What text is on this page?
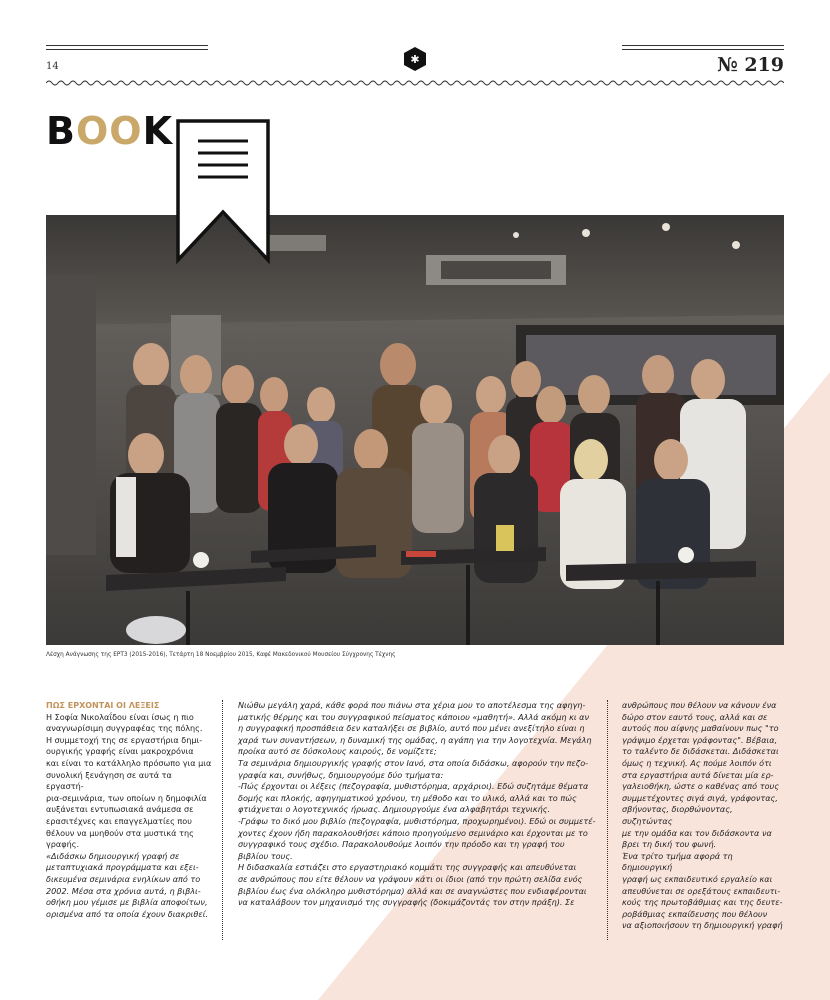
14	№ 219
✱
BOOK
Λέσχη Ανάγνωσης της ΕΡΤ3 (2015-2016), Τετάρτη 18 Νοεμβρίου 2015, Καφέ Μακεδονικού Μουσείου Σύγχρονης Τέχνης

ΠΩΣ ΕΡΧΟΝΤΑΙ ΟΙ ΛΕΞΕΙΣ

Η Σοφία Νικολαΐδου είναι ίσως η πιο

αναγνωρίσιμη συγγραφέας της πόλης.

Η συμμετοχή της σε εργαστήρια δημι-

ουργικής γραφής είναι μακροχρόνια

και είναι το κατάλληλο πρόσωπο για μια

συνολική ξενάγηση σε αυτά τα εργαστή-

ρια-σεμινάρια, των οποίων η δημοφιλία

αυξάνεται εντυπωσιακά ανάμεσα σε

ερασιτέχνες και επαγγελματίες που

θέλουν να μυηθούν στα μυστικά της

γραφής.

«Διδάσκω δημιουργική γραφή σε

μεταπτυχιακά προγράμματα και εξει-

δικευμένα σεμινάρια ενηλίκων από το

2002. Μέσα στα χρόνια αυτά, η βιβλι-

οθήκη μου γέμισε με βιβλία αποφοίτων,

ορισμένα από τα οποία έχουν διακριθεί.

Νιώθω μεγάλη χαρά, κάθε φορά που πιάνω στα χέρια μου το αποτέλεσμα της αφηγη-

ματικής θέρμης και του συγγραφικού πείσματος κάποιου «μαθητή». Αλλά ακόμη κι αν

η συγγραφική προσπάθεια δεν καταλήξει σε βιβλίο, αυτό που μένει ανεξίτηλο είναι η

χαρά των συναντήσεων, η δυναμική της ομάδας, η αγάπη για την λογοτεχνία. Μεγάλη

προίκα αυτό σε δύσκολους καιρούς, δε νομίζετε;

Τα σεμινάρια δημιουργικής γραφής στον Ιανό, στα οποία διδάσκω, αφορούν την πεζο-

γραφία και, συνήθως, δημιουργούμε δύο τμήματα:

-Πώς έρχονται οι λέξεις (πεζογραφία, μυθιστόρημα, αρχάριοι). Εδώ συζητάμε θέματα

δομής και πλοκής, αφηγηματικού χρόνου, τη μέθοδο και το υλικό, αλλά και το πώς

φτιάχνεται ο λογοτεχνικός ήρωας. Δημιουργούμε ένα αλφαβητάρι τεχνικής.

-Γράφω το δικό μου βιβλίο (πεζογραφία, μυθιστόρημα, προχωρημένοι). Εδώ οι συμμετέ-

χοντες έχουν ήδη παρακολουθήσει κάποιο προηγούμενο σεμινάριο και έρχονται με το

συγγραφικό τους σχέδιο. Παρακολουθούμε λοιπόν την πρόοδο και τη γραφή του

βιβλίου τους.

Η διδασκαλία εστιάζει στο εργαστηριακό κομμάτι της συγγραφής και απευθύνεται

σε ανθρώπους που είτε θέλουν να γράψουν κάτι οι ίδιοι (από την πρώτη σελίδα ενός

βιβλίου έως ένα ολόκληρο μυθιστόρημα) αλλά και σε αναγνώστες που ενδιαφέρονται

να καταλάβουν τον μηχανισμό της συγγραφής (δοκιμάζοντάς τον στην πράξη). Σε

ανθρώπους που θέλουν να κάνουν ένα

δώρο στον εαυτό τους, αλλά και σε

αυτούς που αίφνης μαθαίνουν πως "το

γράψιμο έρχεται γράφοντας". Βέβαια,

το ταλέντο δε διδάσκεται. Διδάσκεται

όμως η τεχνική. Ας πούμε λοιπόν ότι

στα εργαστήρια αυτά δίνεται μία ερ-

γαλειοθήκη, ώστε ο καθένας από τους

συμμετέχοντες σιγά σιγά, γράφοντας,

σβήνοντας, διορθώνοντας, συζητώντας

με την ομάδα και τον διδάσκοντα να

βρει τη δική του φωνή.

Ένα τρίτο τμήμα αφορά τη δημιουργική

γραφή ως εκπαιδευτικό εργαλείο και

απευθύνεται σε ορεξάτους εκπαιδευτι-

κούς της πρωτοβάθμιας και της δευτε-

ροβάθμιας εκπαίδευσης που θέλουν

να αξιοποιήσουν τη δημιουργική γραφή
